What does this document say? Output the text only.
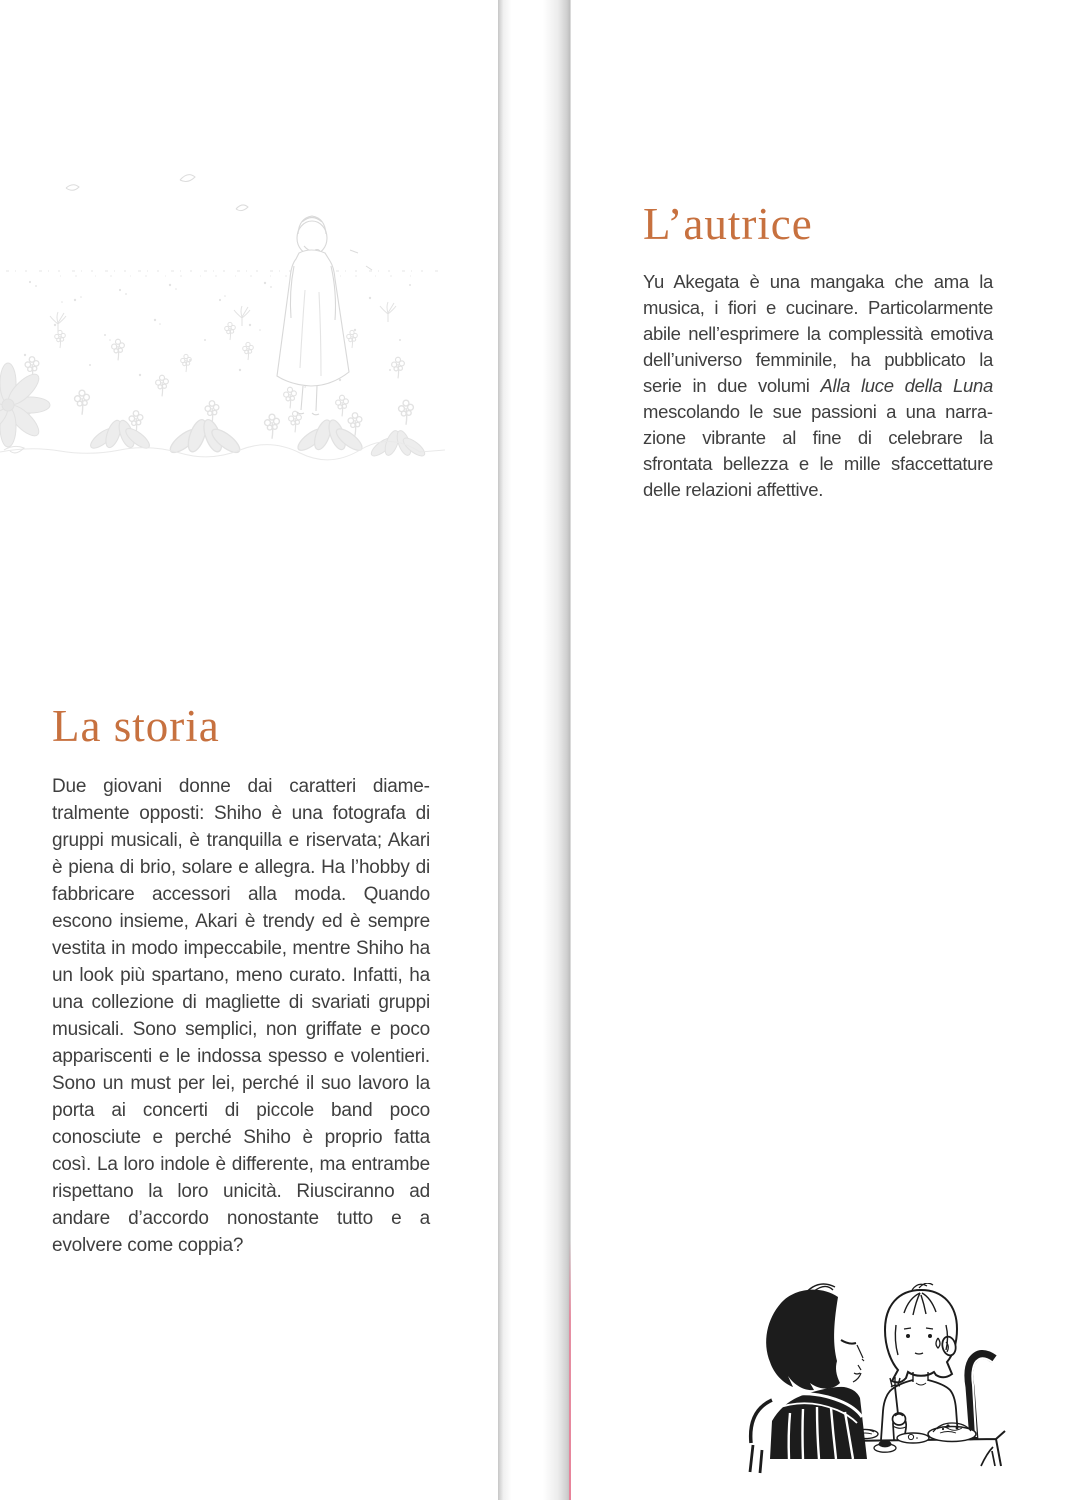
La storia

Due giovani donne dai caratteri diametralmente opposti: Shiho è una fotografa di gruppi musicali, è tranquilla e riservata; Akari è piena di brio, solare e allegra. Ha l’hobby di fabbricare accessori alla moda. Quando escono insieme, Akari è trendy ed è sempre vestita in modo impeccabile, mentre Shiho ha un look più spartano, meno curato. Infatti, ha una collezione di magliette di svariati gruppi musicali. Sono semplici, non griffate e poco appariscenti e le indossa spesso e volentieri. Sono un must per lei, perché il suo lavoro la porta ai concerti di piccole band poco conosciute e perché Shiho è proprio fatta così. La loro indole è differente, ma entrambe rispettano la loro unicità. Riusciranno ad andare d’accordo nonostante tutto e a evolvere come coppia?

L’autrice

Yu Akegata è una mangaka che ama la musica, i fiori e cucinare. Particolarmente abile nell’esprimere la complessità emotiva dell’universo femminile, ha pubblicato la serie in due volumi Alla luce della Luna mescolando le sue passioni a una narrazione vibrante al fine di celebrare la sfrontata bellezza e le mille sfaccettature delle relazioni affettive.
